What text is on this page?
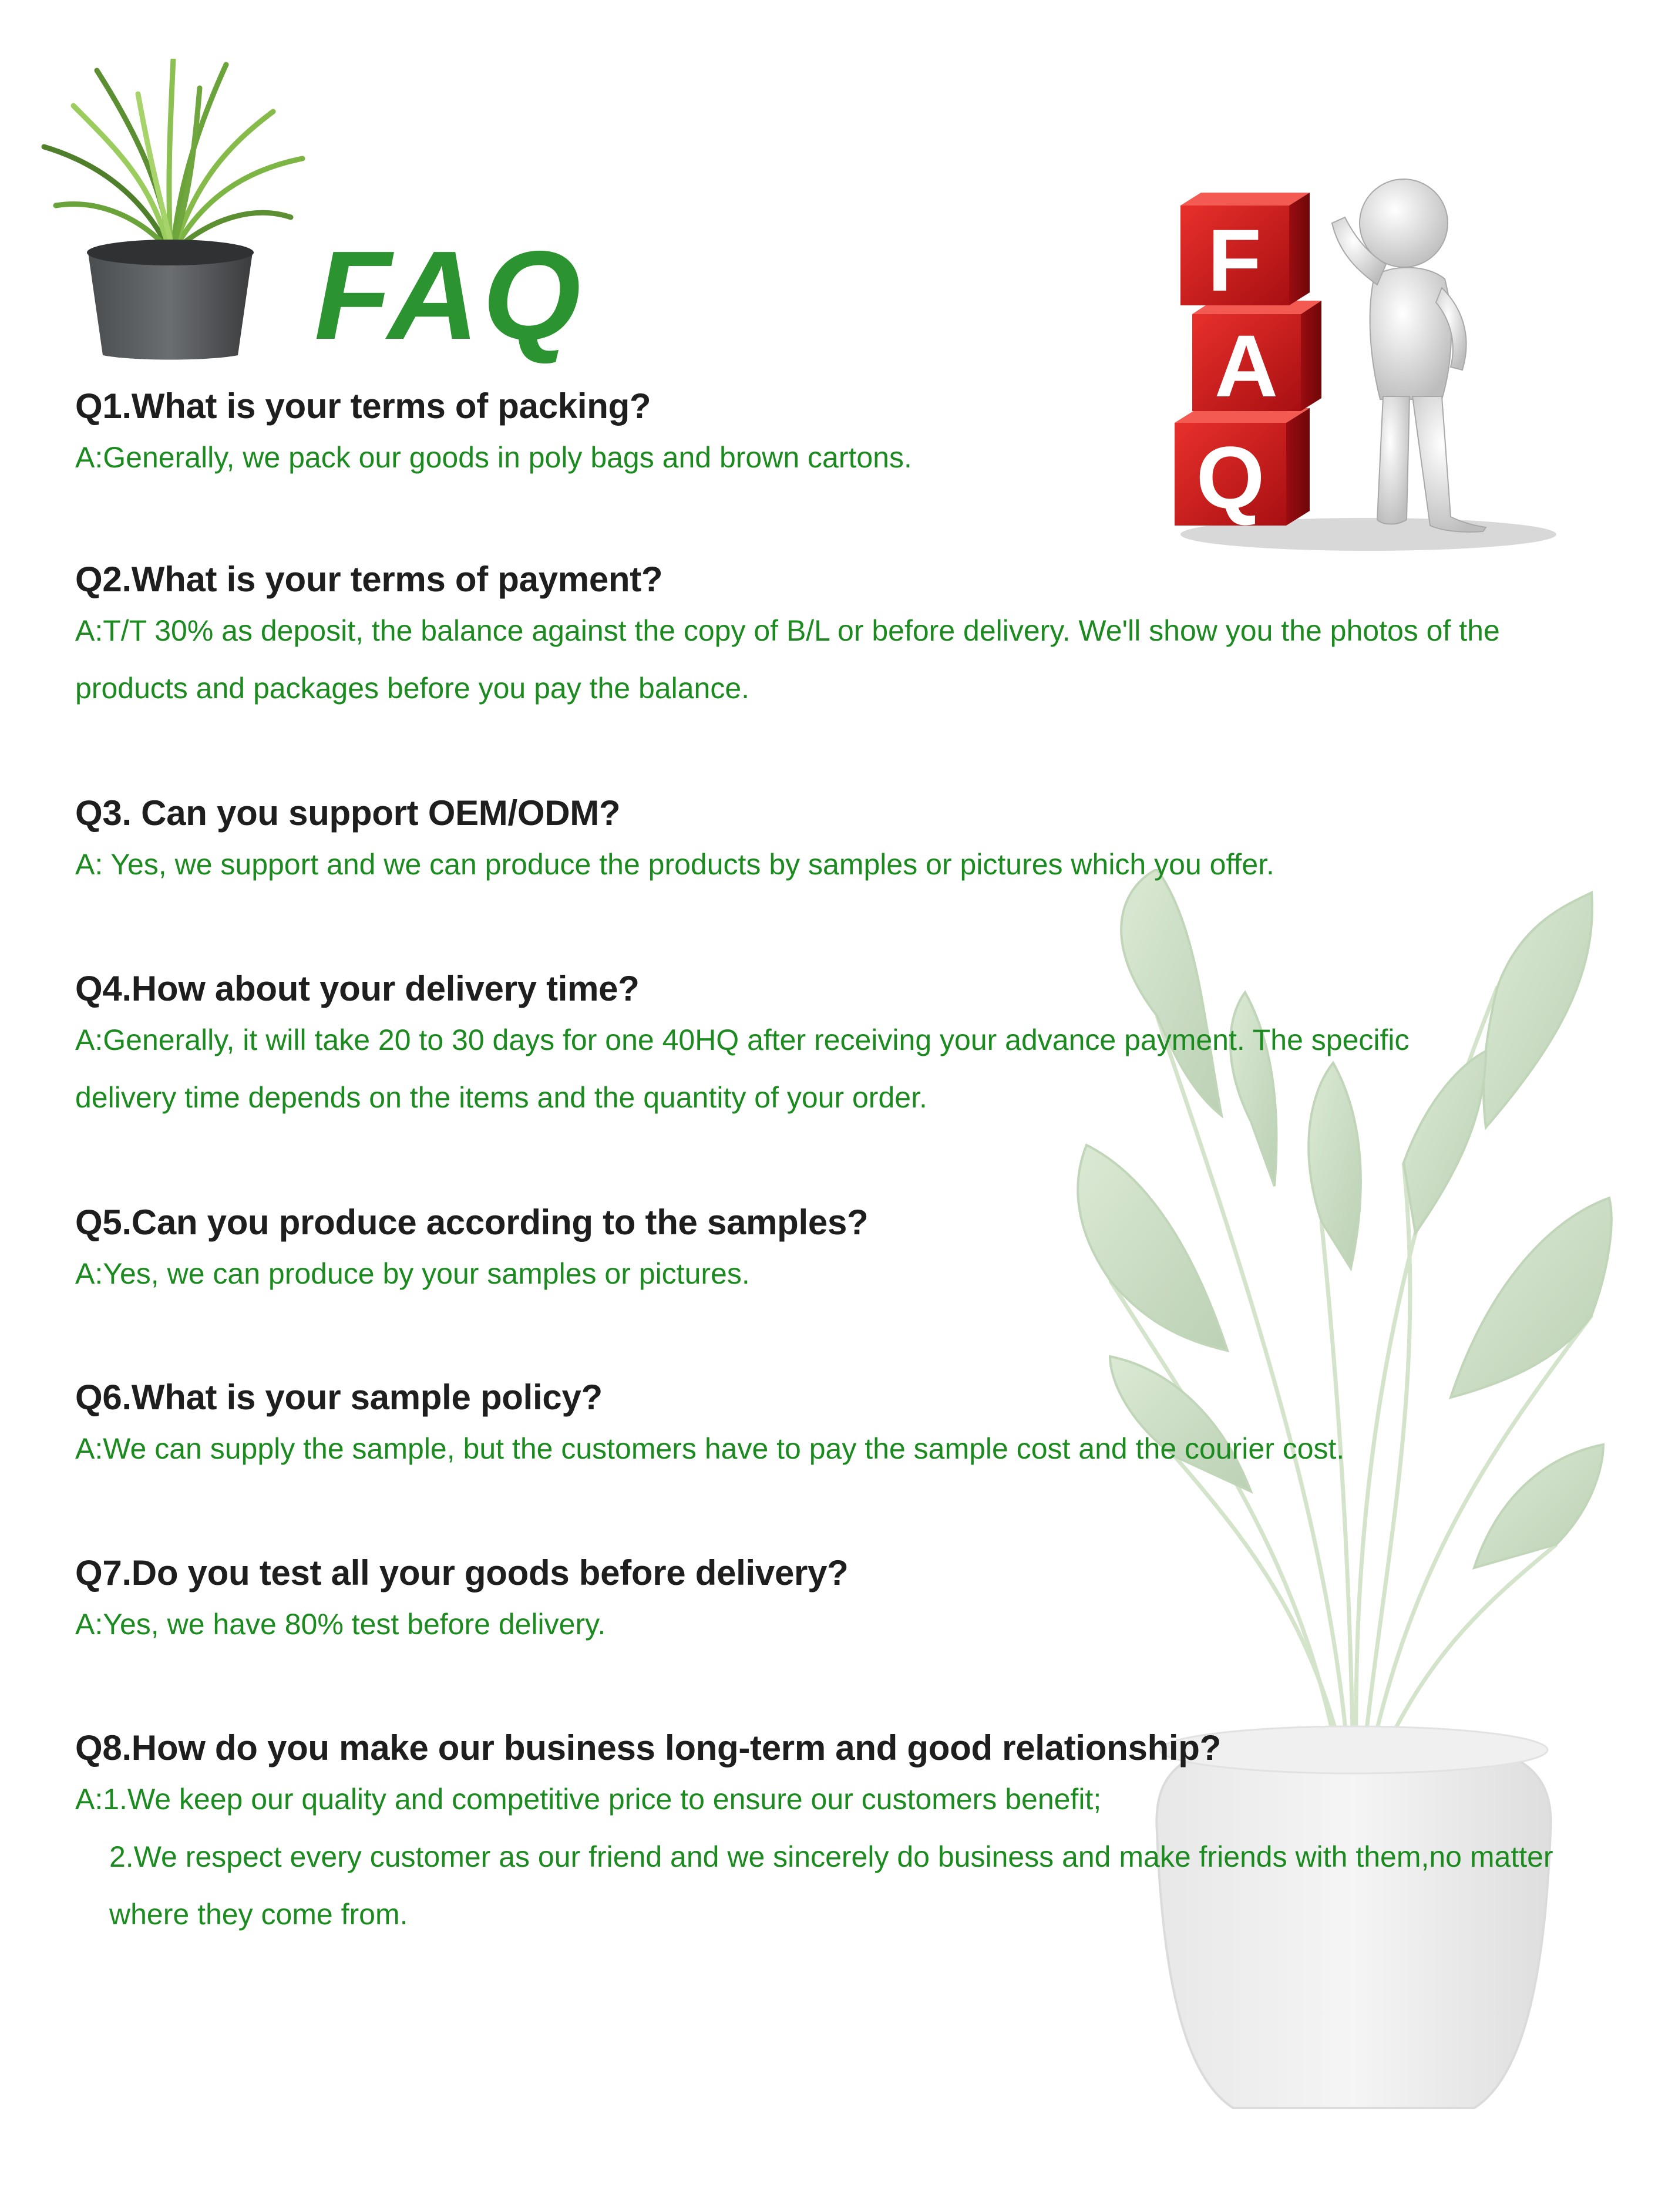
FAQ
Q
A
F

Q1.What is your terms of packing?

A:Generally, we pack our goods in poly bags and brown cartons.

Q2.What is your terms of payment?

A:T/T 30% as deposit, the balance against the copy of B/L or before delivery. We'll show you the photos of the products and packages before you pay the balance.

Q3. Can you support OEM/ODM?

A: Yes, we support and we can produce the products by samples or pictures which you offer.

Q4.How about your delivery time?

A:Generally, it will take 20 to 30 days for one 40HQ after receiving your advance payment. The specific delivery time depends on the items and the quantity of your order.

Q5.Can you produce according to the samples?

A:Yes, we can produce by your samples or pictures.

Q6.What is your sample policy?

A:We can supply the sample, but the customers have to pay the sample cost and the courier cost.

Q7.Do you test all your goods before delivery?

A:Yes, we have 80% test before delivery.

Q8.How do you make our business long-term and good relationship?

A:1.We keep our quality and competitive price to ensure our customers benefit;

2.We respect every customer as our friend and we sincerely do business and make friends with them,no matter where they come from.
